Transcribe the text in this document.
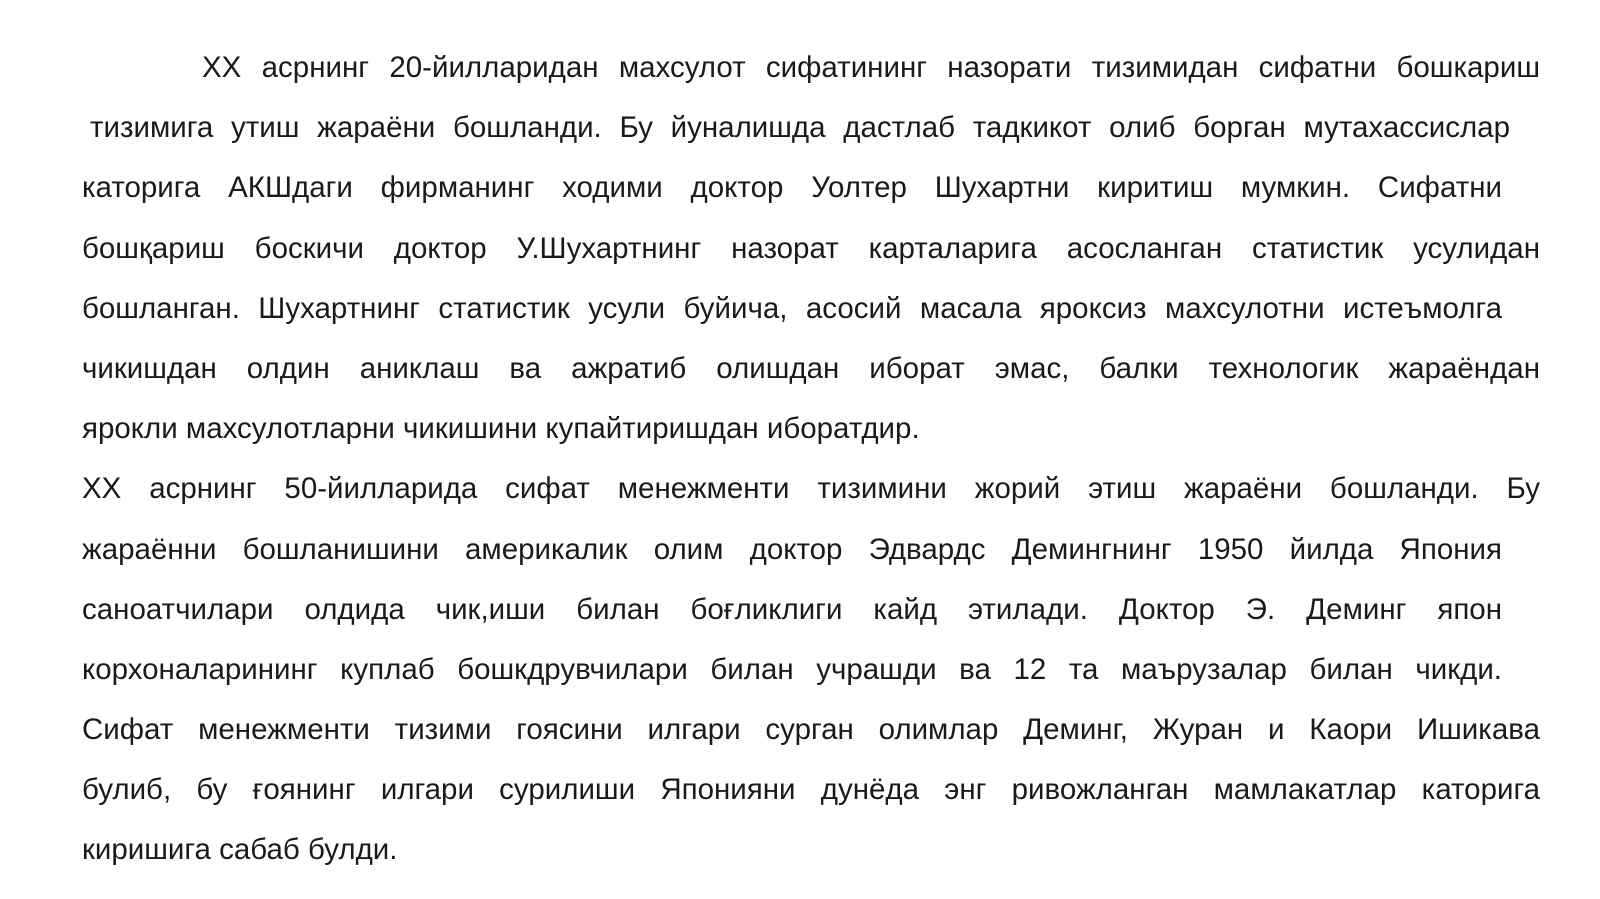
XX асрнинг 20-йилларидан махсулот сифатининг назорати тизимидан сифатни бошкариш
тизимига утиш жараёни бошланди. Бу йуналишда дастлаб тадкикот олиб борган мутахассислар
каторига АКШдаги фирманинг ходими доктор Уолтер Шухартни киритиш мумкин. Сифатни
бошқариш боскичи доктор У.Шухартнинг назорат карталарига асосланган статистик усулидан
бошланган. Шухартнинг статистик усули буйича, асосий масала яроксиз махсулотни истеъмолга
чикишдан олдин аниклаш ва ажратиб олишдан иборат эмас, балки технологик жараёндан
ярокли махсулотларни чикишини купайтиришдан иборатдир.
XX асрнинг 50-йилларида сифат менежменти тизимини жорий этиш жараёни бошланди. Бу
жараённи бошланишини америкалик олим доктор Эдвардс Демингнинг 1950 йилда Япония
саноатчилари олдида чик,иши билан боғликлиги кайд этилади. Доктор Э. Деминг япон
корхоналарининг куплаб бошкдрувчилари билан учрашди ва 12 та маърузалар билан чикди.
Сифат менежменти тизими гоясини илгари сурган олимлар Деминг, Журан и Каори Ишикава
булиб, бу ғоянинг илгари сурилиши Японияни дунёда энг ривожланган мамлакатлар каторига
киришига сабаб булди.
